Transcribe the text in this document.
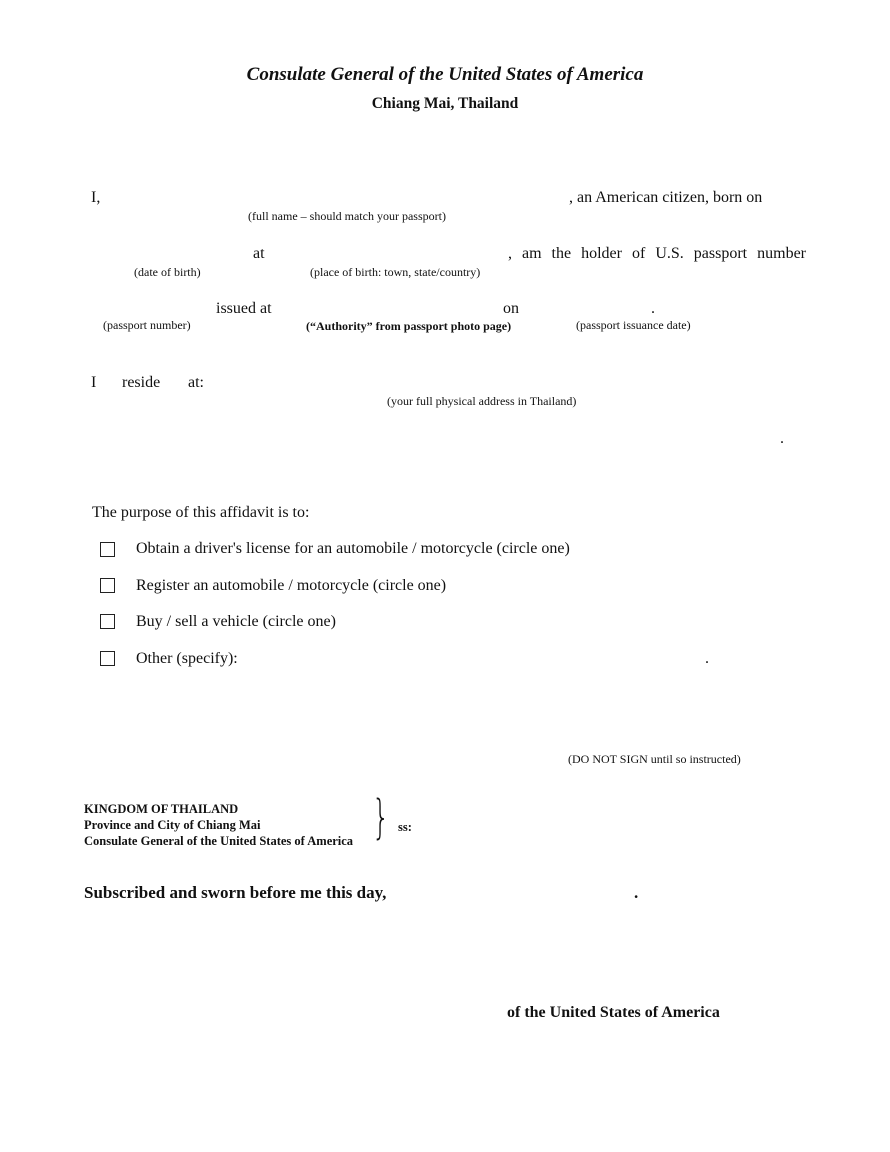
Consulate General of the United States of America
Chiang Mai, Thailand
I,	, an American citizen, born on
(full name – should match your passport)
at	, am the holder of U.S. passport number
(date of birth)	(place of birth: town, state/country)
issued at	on	.
(passport number)	(“Authority” from passport photo page)	(passport issuance date)
I reside at:
(your full physical address in Thailand)
.
The purpose of this affidavit is to:
Obtain a driver's license for an automobile / motorcycle (circle one)
Register an automobile / motorcycle (circle one)
Buy / sell a vehicle (circle one)
Other (specify):	.
(DO NOT SIGN until so instructed)
KINGDOM OF THAILAND
Province and City of Chiang Mai
Consulate General of the United States of America } ss:
Subscribed and sworn before me this day,	.
of the United States of America
